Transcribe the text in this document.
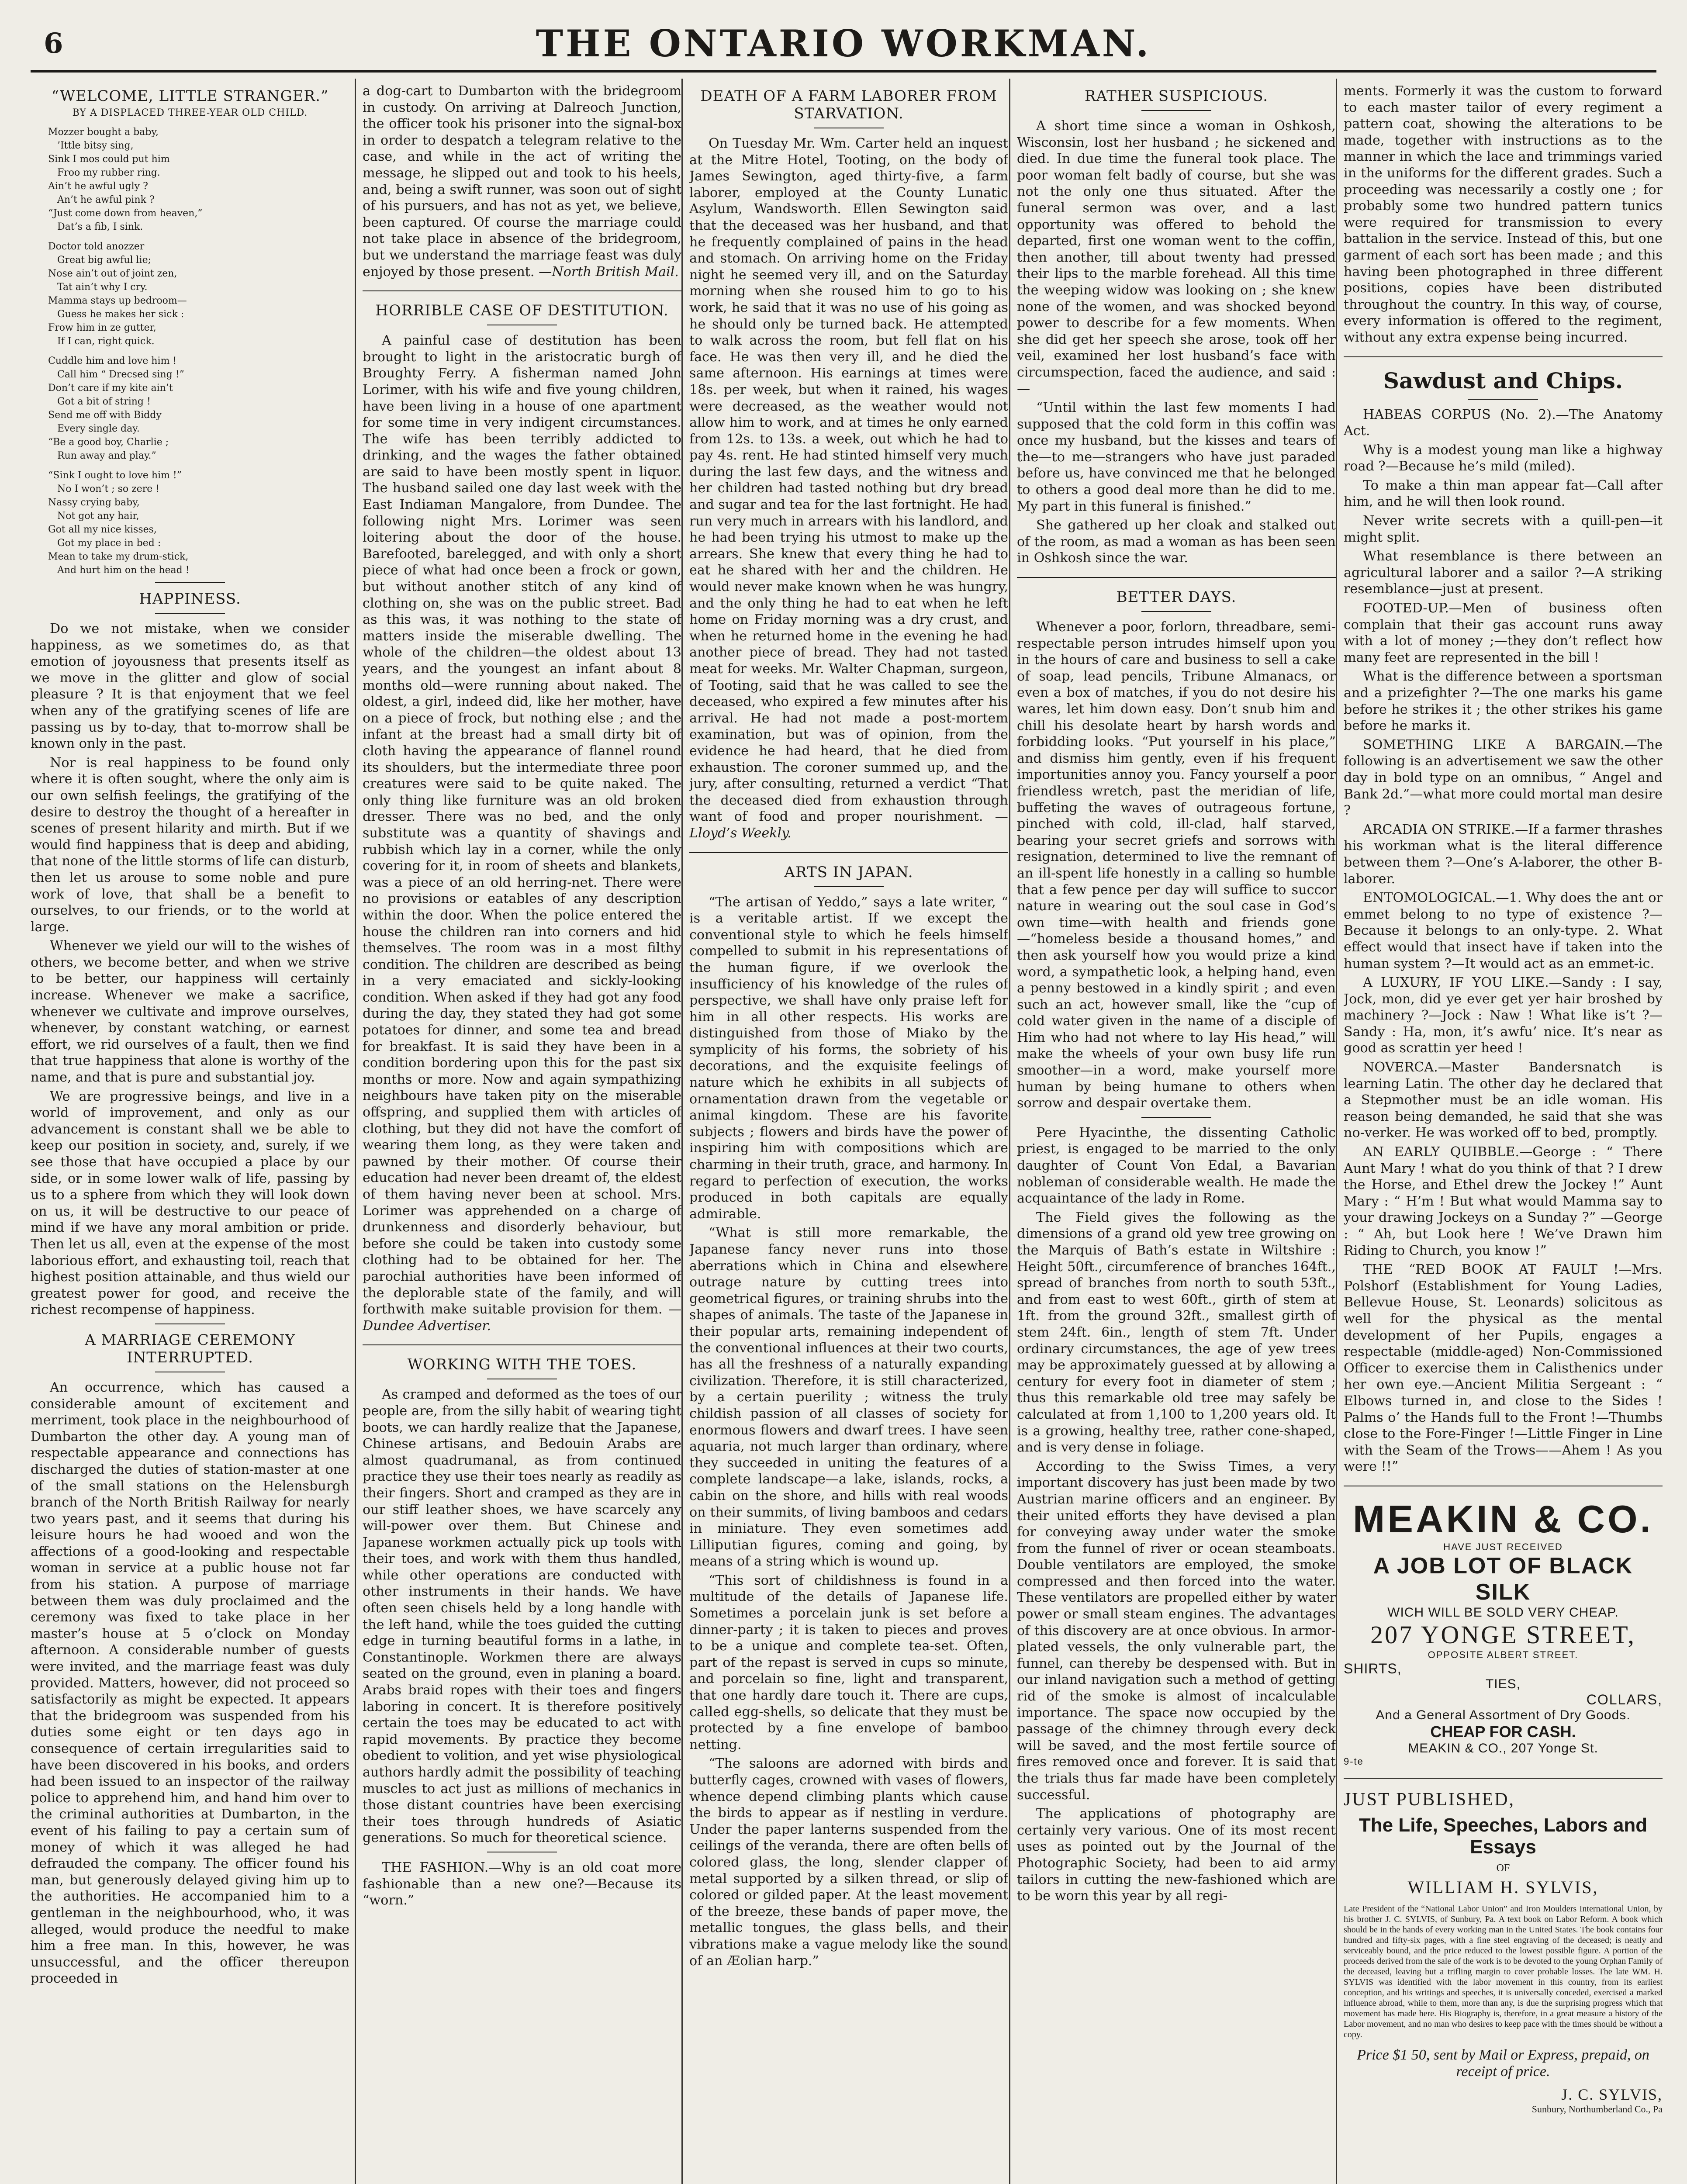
6	THE ONTARIO WORKMAN.
“WELCOME, LITTLE STRANGER.”
BY A DISPLACED THREE-YEAR OLD CHILD.
Mozzer bought a baby,
’Ittle bitsy sing,
Sink I mos could put him
Froo my rubber ring.
Ain’t he awful ugly ?
An’t he awful pink ?
“Just come down from heaven,”
Dat’s a fib, I sink.
Doctor told anozzer
Great big awful lie;
Nose ain’t out of joint zen,
Tat ain’t why I cry.
Mamma stays up bedroom—
Guess he makes her sick :
Frow him in ze gutter,
If I can, right quick.
Cuddle him and love him !
Call him “ Drecsed sing !”
Don’t care if my kite ain’t
Got a bit of string !
Send me off with Biddy
Every single day.
“Be a good boy, Charlie ;
Run away and play.”
“Sink I ought to love him !”
No I won’t ; so zere !
Nassy crying baby,
Not got any hair,
Got all my nice kisses,
Got my place in bed :
Mean to take my drum-stick,
And hurt him on the head !
HAPPINESS.

Do we not mistake, when we consider happiness, as we sometimes do, as that emotion of joyousness that presents itself as we move in the glitter and glow of social pleasure ? It is that enjoyment that we feel when any of the gratifying scenes of life are passing us by to-day, that to-morrow shall be known only in the past.

Nor is real happiness to be found only where it is often sought, where the only aim is our own selfish feelings, the gratifying of the desire to destroy the thought of a hereafter in scenes of present hilarity and mirth. But if we would find happiness that is deep and abiding, that none of the little storms of life can disturb, then let us arouse to some noble and pure work of love, that shall be a benefit to ourselves, to our friends, or to the world at large.

Whenever we yield our will to the wishes of others, we become better, and when we strive to be better, our happiness will certainly increase. Whenever we make a sacrifice, whenever we cultivate and improve ourselves, whenever, by constant watching, or earnest effort, we rid ourselves of a fault, then we find that true happiness that alone is worthy of the name, and that is pure and substantial joy.

We are progressive beings, and live in a world of improvement, and only as our advancement is constant shall we be able to keep our position in society, and, surely, if we see those that have occupied a place by our side, or in some lower walk of life, passing by us to a sphere from which they will look down on us, it will be destructive to our peace of mind if we have any moral ambition or pride. Then let us all, even at the expense of the most laborious effort, and exhausting toil, reach that highest position attainable, and thus wield our greatest power for good, and receive the richest recompense of happiness.

A MARRIAGE CEREMONY INTERRUPTED.

An occurrence, which has caused a considerable amount of excitement and merriment, took place in the neighbourhood of Dumbarton the other day. A young man of respectable appearance and connections has discharged the duties of station-master at one of the small stations on the Helensburgh branch of the North British Railway for nearly two years past, and it seems that during his leisure hours he had wooed and won the affections of a good-looking and respectable woman in service at a public house not far from his station. A purpose of marriage between them was duly proclaimed and the ceremony was fixed to take place in her master’s house at 5 o’clock on Monday afternoon. A considerable number of guests were invited, and the marriage feast was duly provided. Matters, however, did not proceed so satisfactorily as might be expected. It appears that the bridegroom was suspended from his duties some eight or ten days ago in consequence of certain irregularities said to have been discovered in his books, and orders had been issued to an inspector of the railway police to apprehend him, and hand him over to the criminal authorities at Dumbarton, in the event of his failing to pay a certain sum of money of which it was alleged he had defrauded the company. The officer found his man, but generously delayed giving him up to the authorities. He accompanied him to a gentleman in the neighbourhood, who, it was alleged, would produce the needful to make him a free man. In this, however, he was unsuccessful, and the officer thereupon proceeded in

a dog-cart to Dumbarton with the bridegroom in custody. On arriving at Dalreoch Junction, the officer took his prisoner into the signal-box in order to despatch a telegram relative to the case, and while in the act of writing the message, he slipped out and took to his heels, and, being a swift runner, was soon out of sight of his pursuers, and has not as yet, we believe, been captured. Of course the marriage could not take place in absence of the bridegroom, but we understand the marriage feast was duly enjoyed by those present. —North British Mail.

HORRIBLE CASE OF DESTITUTION.

A painful case of destitution has been brought to light in the aristocratic burgh of Broughty Ferry. A fisherman named John Lorimer, with his wife and five young children, have been living in a house of one apartment for some time in very indigent circumstances. The wife has been terribly addicted to drinking, and the wages the father obtained are said to have been mostly spent in liquor. The husband sailed one day last week with the East Indiaman Mangalore, from Dundee. The following night Mrs. Lorimer was seen loitering about the door of the house. Barefooted, barelegged, and with only a short piece of what had once been a frock or gown, but without another stitch of any kind of clothing on, she was on the public street. Bad as this was, it was nothing to the state of matters inside the miserable dwelling. The whole of the children—the oldest about 13 years, and the youngest an infant about 8 months old—were running about naked. The oldest, a girl, indeed did, like her mother, have on a piece of frock, but nothing else ; and the infant at the breast had a small dirty bit of cloth having the appearance of flannel round its shoulders, but the intermediate three poor creatures were said to be quite naked. The only thing like furniture was an old broken dresser. There was no bed, and the only substitute was a quantity of shavings and rubbish which lay in a corner, while the only covering for it, in room of sheets and blankets, was a piece of an old herring-net. There were no provisions or eatables of any description within the door. When the police entered the house the children ran into corners and hid themselves. The room was in a most filthy condition. The children are described as being in a very emaciated and sickly-looking condition. When asked if they had got any food during the day, they stated they had got some potatoes for dinner, and some tea and bread for breakfast. It is said they have been in a condition bordering upon this for the past six months or more. Now and again sympathizing neighbours have taken pity on the miserable offspring, and supplied them with articles of clothing, but they did not have the comfort of wearing them long, as they were taken and pawned by their mother. Of course their education had never been dreamt of, the eldest of them having never been at school. Mrs. Lorimer was apprehended on a charge of drunkenness and disorderly behaviour, but before she could be taken into custody some clothing had to be obtained for her. The parochial authorities have been informed of the deplorable state of the family, and will forthwith make suitable provision for them. —Dundee Advertiser.

WORKING WITH THE TOES.

As cramped and deformed as the toes of our people are, from the silly habit of wearing tight boots, we can hardly realize that the Japanese, Chinese artisans, and Bedouin Arabs are almost quadrumanal, as from continued practice they use their toes nearly as readily as their fingers. Short and cramped as they are in our stiff leather shoes, we have scarcely any will-power over them. But Chinese and Japanese workmen actually pick up tools with their toes, and work with them thus handled, while other operations are conducted with other instruments in their hands. We have often seen chisels held by a long handle with the left hand, while the toes guided the cutting edge in turning beautiful forms in a lathe, in Constantinople. Workmen there are always seated on the ground, even in planing a board. Arabs braid ropes with their toes and fingers laboring in concert. It is therefore positively certain the toes may be educated to act with rapid movements. By practice they become obedient to volition, and yet wise physiological authors hardly admit the possibility of teaching muscles to act just as millions of mechanics in those distant countries have been exercising their toes through hundreds of Asiatic generations. So much for theoretical science.

THE FASHION.—Why is an old coat more fashionable than a new one?—Because its “worn.”

DEATH OF A FARM LABORER FROM STARVATION.

On Tuesday Mr. Wm. Carter held an inquest at the Mitre Hotel, Tooting, on the body of James Sewington, aged thirty-five, a farm laborer, employed at the County Lunatic Asylum, Wandsworth. Ellen Sewington said that the deceased was her husband, and that he frequently complained of pains in the head and stomach. On arriving home on the Friday night he seemed very ill, and on the Saturday morning when she roused him to go to his work, he said that it was no use of his going as he should only be turned back. He attempted to walk across the room, but fell flat on his face. He was then very ill, and he died the same afternoon. His earnings at times were 18s. per week, but when it rained, his wages were decreased, as the weather would not allow him to work, and at times he only earned from 12s. to 13s. a week, out which he had to pay 4s. rent. He had stinted himself very much during the last few days, and the witness and her children had tasted nothing but dry bread and sugar and tea for the last fortnight. He had run very much in arrears with his landlord, and he had been trying his utmost to make up the arrears. She knew that every thing he had to eat he shared with her and the children. He would never make known when he was hungry, and the only thing he had to eat when he left home on Friday morning was a dry crust, and when he returned home in the evening he had another piece of bread. They had not tasted meat for weeks. Mr. Walter Chapman, surgeon, of Tooting, said that he was called to see the deceased, who expired a few minutes after his arrival. He had not made a post-mortem examination, but was of opinion, from the evidence he had heard, that he died from exhaustion. The coroner summed up, and the jury, after consulting, returned a verdict “That the deceased died from exhaustion through want of food and proper nourishment. —Lloyd’s Weekly.

ARTS IN JAPAN.

“The artisan of Yeddo,” says a late writer, “ is a veritable artist. If we except the conventional style to which he feels himself compelled to submit in his representations of the human figure, if we overlook the insufficiency of his knowledge of the rules of perspective, we shall have only praise left for him in all other respects. His works are distinguished from those of Miako by the symplicity of his forms, the sobriety of his decorations, and the exquisite feelings of nature which he exhibits in all subjects of ornamentation drawn from the vegetable or animal kingdom. These are his favorite subjects ; flowers and birds have the power of inspiring him with compositions which are charming in their truth, grace, and harmony. In regard to perfection of execution, the works produced in both capitals are equally admirable.

“What is still more remarkable, the Japanese fancy never runs into those aberrations which in China and elsewhere outrage nature by cutting trees into geometrical figures, or training shrubs into the shapes of animals. The taste of the Japanese in their popular arts, remaining independent of the conventional influences at their two courts, has all the freshness of a naturally expanding civilization. Therefore, it is still characterized, by a certain puerility ; witness the truly childish passion of all classes of society for enormous flowers and dwarf trees. I have seen aquaria, not much larger than ordinary, where they succeeded in uniting the features of a complete landscape—a lake, islands, rocks, a cabin on the shore, and hills with real woods on their summits, of living bamboos and cedars in miniature. They even sometimes add Lilliputian figures, coming and going, by means of a string which is wound up.

“This sort of childishness is found in a multitude of the details of Japanese life. Sometimes a porcelain junk is set before a dinner-party ; it is taken to pieces and proves to be a unique and complete tea-set. Often, part of the repast is served in cups so minute, and porcelain so fine, light and transparent, that one hardly dare touch it. There are cups, called egg-shells, so delicate that they must be protected by a fine envelope of bamboo netting.

“The saloons are adorned with birds and butterfly cages, crowned with vases of flowers, whence depend climbing plants which cause the birds to appear as if nestling in verdure. Under the paper lanterns suspended from the ceilings of the veranda, there are often bells of colored glass, the long, slender clapper of metal supported by a silken thread, or slip of colored or gilded paper. At the least movement of the breeze, these bands of paper move, the metallic tongues, the glass bells, and their vibrations make a vague melody like the sound of an Æolian harp.”

RATHER SUSPICIOUS.

A short time since a woman in Oshkosh, Wisconsin, lost her husband ; he sickened and died. In due time the funeral took place. The poor woman felt badly of course, but she was not the only one thus situated. After the funeral sermon was over, and a last opportunity was offered to behold the departed, first one woman went to the coffin, then another, till about twenty had pressed their lips to the marble forehead. All this time the weeping widow was looking on ; she knew none of the women, and was shocked beyond power to describe for a few moments. When she did get her speech she arose, took off her veil, examined her lost husband’s face with circumspection, faced the audience, and said :—

“Until within the last few moments I had supposed that the cold form in this coffin was once my husband, but the kisses and tears of the—to me—strangers who have just paraded before us, have convinced me that he belonged to others a good deal more than he did to me. My part in this funeral is finished.”

She gathered up her cloak and stalked out of the room, as mad a woman as has been seen in Oshkosh since the war.

BETTER DAYS.

Whenever a poor, forlorn, threadbare, semi-respectable person intrudes himself upon you in the hours of care and business to sell a cake of soap, lead pencils, Tribune Almanacs, or even a box of matches, if you do not desire his wares, let him down easy. Don’t snub him and chill his desolate heart by harsh words and forbidding looks. “Put yourself in his place,” and dismiss him gently, even if his frequent importunities annoy you. Fancy yourself a poor friendless wretch, past the meridian of life, buffeting the waves of outrageous fortune, pinched with cold, ill-clad, half starved, bearing your secret griefs and sorrows with resignation, determined to live the remnant of an ill-spent life honestly in a calling so humble that a few pence per day will suffice to succor nature in wearing out the soul case in God’s own time—with health and friends gone—“homeless beside a thousand homes,” and then ask yourself how you would prize a kind word, a sympathetic look, a helping hand, even a penny bestowed in a kindly spirit ; and even such an act, however small, like the “cup of cold water given in the name of a disciple of Him who had not where to lay His head,” will make the wheels of your own busy life run smoother—in a word, make yourself more human by being humane to others when sorrow and despair overtake them.

Pere Hyacinthe, the dissenting Catholic priest, is engaged to be married to the only daughter of Count Von Edal, a Bavarian nobleman of considerable wealth. He made the acquaintance of the lady in Rome.

The Field gives the following as the dimensions of a grand old yew tree growing on the Marquis of Bath’s estate in Wiltshire : Height 50ft., circumference of branches 164ft., spread of branches from north to south 53ft., and from east to west 60ft., girth of stem at 1ft. from the ground 32ft., smallest girth of stem 24ft. 6in., length of stem 7ft. Under ordinary circumstances, the age of yew trees may be approximately guessed at by allowing a century for every foot in diameter of stem ; thus this remarkable old tree may safely be calculated at from 1,100 to 1,200 years old. It is a growing, healthy tree, rather cone-shaped, and is very dense in foliage.

According to the Swiss Times, a very important discovery has just been made by two Austrian marine officers and an engineer. By their united efforts they have devised a plan for conveying away under water the smoke from the funnel of river or ocean steamboats. Double ventilators are employed, the smoke compressed and then forced into the water. These ventilators are propelled either by water power or small steam engines. The advantages of this discovery are at once obvious. In armor-plated vessels, the only vulnerable part, the funnel, can thereby be despensed with. But in our inland navigation such a method of getting rid of the smoke is almost of incalculable importance. The space now occupied by the passage of the chimney through every deck will be saved, and the most fertile source of fires removed once and forever. It is said that the trials thus far made have been completely successful.

The applications of photography are certainly very various. One of its most recent uses as pointed out by the Journal of the Photographic Society, had been to aid army tailors in cutting the new-fashioned which are to be worn this year by all regi-

ments. Formerly it was the custom to forward to each master tailor of every regiment a pattern coat, showing the alterations to be made, together with instructions as to the manner in which the lace and trimmings varied in the uniforms for the different grades. Such a proceeding was necessarily a costly one ; for probably some two hundred pattern tunics were required for transmission to every battalion in the service. Instead of this, but one garment of each sort has been made ; and this having been photographed in three different positions, copies have been distributed throughout the country. In this way, of course, every information is offered to the regiment, without any extra expense being incurred.

Sawdust and Chips.

HABEAS CORPUS (No. 2).—The Anatomy Act.

Why is a modest young man like a highway road ?—Because he’s mild (miled).

To make a thin man appear fat—Call after him, and he will then look round.

Never write secrets with a quill-pen—it might split.

What resemblance is there between an agricultural laborer and a sailor ?—A striking resemblance—just at present.

FOOTED-UP.—Men of business often complain that their gas account runs away with a lot of money ;—they don’t reflect how many feet are represented in the bill !

What is the difference between a sportsman and a prizefighter ?—The one marks his game before he strikes it ; the other strikes his game before he marks it.

SOMETHING LIKE A BARGAIN.—The following is an advertisement we saw the other day in bold type on an omnibus, “ Angel and Bank 2d.”—what more could mortal man desire ?

ARCADIA ON STRIKE.—If a farmer thrashes his workman what is the literal difference between them ?—One’s A-laborer, the other B-laborer.

ENTOMOLOGICAL.—1. Why does the ant or emmet belong to no type of existence ?—Because it belongs to an only-type. 2. What effect would that insect have if taken into the human system ?—It would act as an emmet-ic.

A LUXURY, IF YOU LIKE.—Sandy : I say, Jock, mon, did ye ever get yer hair broshed by machinery ?—Jock : Naw ! What like is’t ?—Sandy : Ha, mon, it’s awfu’ nice. It’s near as good as scrattin yer heed !

NOVERCA.—Master Bandersnatch is learning Latin. The other day he declared that a Stepmother must be an idle woman. His reason being demanded, he said that she was no-verker. He was worked off to bed, promptly.

AN EARLY QUIBBLE.—George : “ There Aunt Mary ! what do you think of that ? I drew the Horse, and Ethel drew the Jockey !” Aunt Mary : “ H’m ! But what would Mamma say to your drawing Jockeys on a Sunday ?” —George : “ Ah, but Look here ! We’ve Drawn him Riding to Church, you know !”

THE “RED BOOK AT FAULT !—Mrs. Polshorf (Establishment for Young Ladies, Bellevue House, St. Leonards) solicitous as well for the physical as the mental development of her Pupils, engages a respectable (middle-aged) Non-Commissioned Officer to exercise them in Calisthenics under her own eye.—Ancient Militia Sergeant : “ Elbows turned in, and close to the Sides ! Palms o’ the Hands full to the Front !—Thumbs close to the Fore-Finger !—Little Finger in Line with the Seam of the Trows——Ahem ! As you were !!”

MEAKIN & CO.
HAVE JUST RECEIVED
A JOB LOT OF BLACK SILK
WICH WILL BE SOLD VERY CHEAP.
207 YONGE STREET,
OPPOSITE ALBERT STREET.
SHIRTS,
TIES,
COLLARS,
And a General Assortment of Dry Goods.
CHEAP FOR CASH.
MEAKIN & CO., 207 Yonge St.
9-te
JUST PUBLISHED,
The Life, Speeches, Labors and Essays
OF
WILLIAM H. SYLVIS,
Late President of the “National Labor Union” and Iron Moulders International Union, by his brother J. C. SYLVIS, of Sunbury, Pa. A text book on Labor Reform. A book which should be in the hands of every working man in the United States. The book contains four hundred and fifty-six pages, with a fine steel engraving of the deceased; is neatly and serviceably bound, and the price reduced to the lowest possible figure. A portion of the proceeds derived from the sale of the work is to be devoted to the young Orphan Family of the deceased, leaving but a trifling margin to cover probable losses. The late WM. H. SYLVIS was identified with the labor movement in this country, from its earliest conception, and his writings and speeches, it is universally conceded, exercised a marked influence abroad, while to them, more than any, is due the surprising progress which that movement has made here. His Biography is, therefore, in a great measure a history of the Labor movement, and no man who desires to keep pace with the times should be without a copy.
Price $1 50, sent by Mail or Express, prepaid, on receipt of price.
J. C. SYLVIS,
Sunbury, Northumberland Co., Pa
